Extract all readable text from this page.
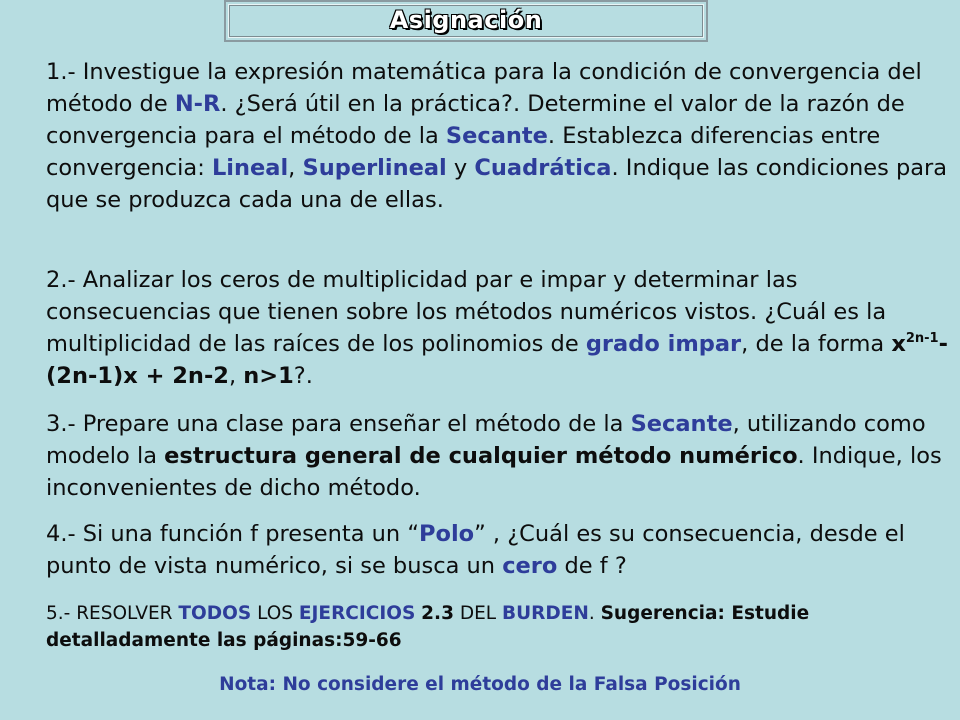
Asignación

1.- Investigue la expresión matemática para la condición de convergencia del método de N-R. ¿Será útil en la práctica?. Determine el valor de la razón de convergencia para el método de la Secante. Establezca diferencias entre convergencia: Lineal, Superlineal y Cuadrática. Indique las condiciones para que se produzca cada una de ellas.

2.- Analizar los ceros de multiplicidad par e impar y determinar las consecuencias que tienen sobre los métodos numéricos vistos. ¿Cuál es la multiplicidad de las raíces de los polinomios de grado impar, de la forma $x^{2n-1}-(2n-1)x + 2n-2$, n>1?.

3.- Prepare una clase para enseñar el método de la Secante, utilizando como modelo la estructura general de cualquier método numérico. Indique, los inconvenientes de dicho método.

4.- Si una función f presenta un “Polo” , ¿Cuál es su consecuencia, desde el punto de vista numérico, si se busca un cero de f ?

5.- RESOLVER TODOS LOS EJERCICIOS 2.3 DEL BURDEN. Sugerencia: Estudie detalladamente las páginas:59-66

Nota: No considere el método de la Falsa Posición
